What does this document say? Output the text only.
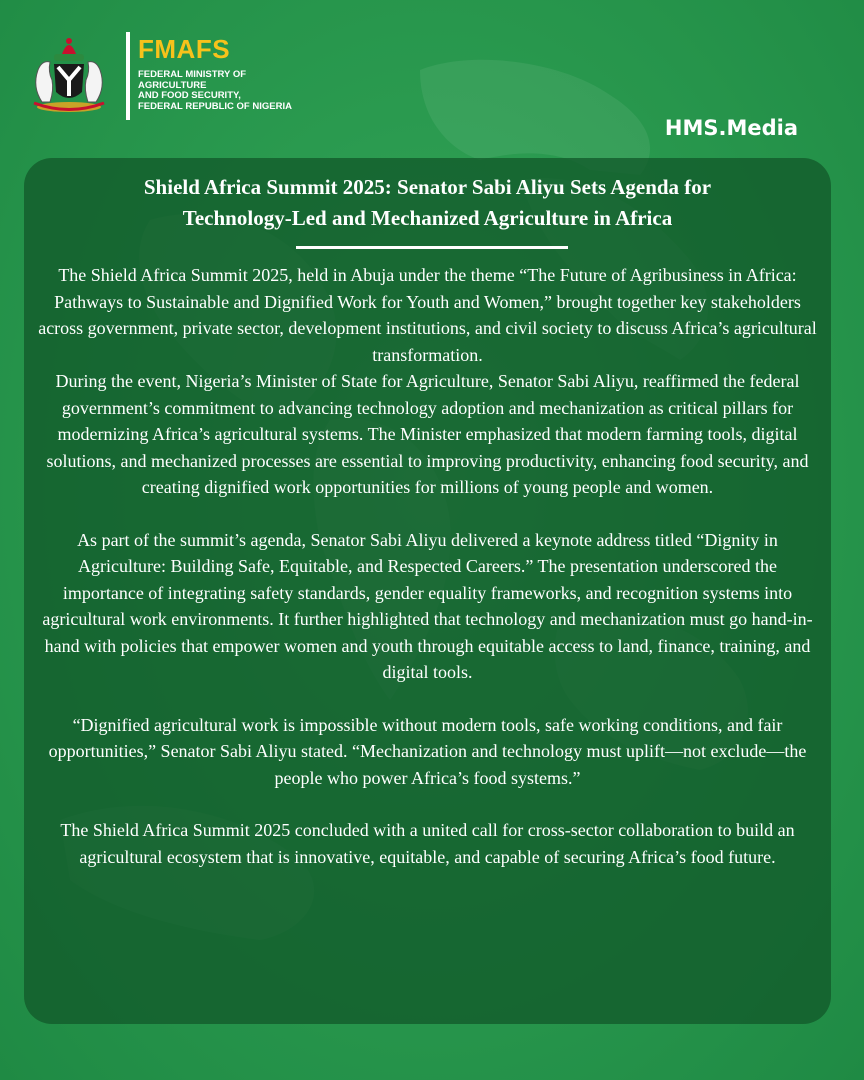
FMAFS
FEDERAL MINISTRY OF
AGRICULTURE
AND FOOD SECURITY,
FEDERAL REPUBLIC OF NIGERIA
HMS.Media
Shield Africa Summit 2025: Senator Sabi Aliyu Sets Agenda for
Technology-Led and Mechanized Agriculture in Africa

The Shield Africa Summit 2025, held in Abuja under the theme “The Future of Agribusiness in Africa: Pathways to Sustainable and Dignified Work for Youth and Women,” brought together key stakeholders across government, private sector, development institutions, and civil society to discuss Africa’s agricultural transformation.

During the event, Nigeria’s Minister of State for Agriculture, Senator Sabi Aliyu, reaffirmed the federal government’s commitment to advancing technology adoption and mechanization as critical pillars for modernizing Africa’s agricultural systems. The Minister emphasized that modern farming tools, digital solutions, and mechanized processes are essential to improving productivity, enhancing food security, and creating dignified work opportunities for millions of young people and women.

As part of the summit’s agenda, Senator Sabi Aliyu delivered a keynote address titled “Dignity in Agriculture: Building Safe, Equitable, and Respected Careers.” The presentation underscored the importance of integrating safety standards, gender equality frameworks, and recognition systems into agricultural work environments. It further highlighted that technology and mechanization must go hand-in-hand with policies that empower women and youth through equitable access to land, finance, training, and digital tools.

“Dignified agricultural work is impossible without modern tools, safe working conditions, and fair opportunities,” Senator Sabi Aliyu stated. “Mechanization and technology must uplift—not exclude—the people who power Africa’s food systems.”

The Shield Africa Summit 2025 concluded with a united call for cross-sector collaboration to build an agricultural ecosystem that is innovative, equitable, and capable of securing Africa’s food future.
